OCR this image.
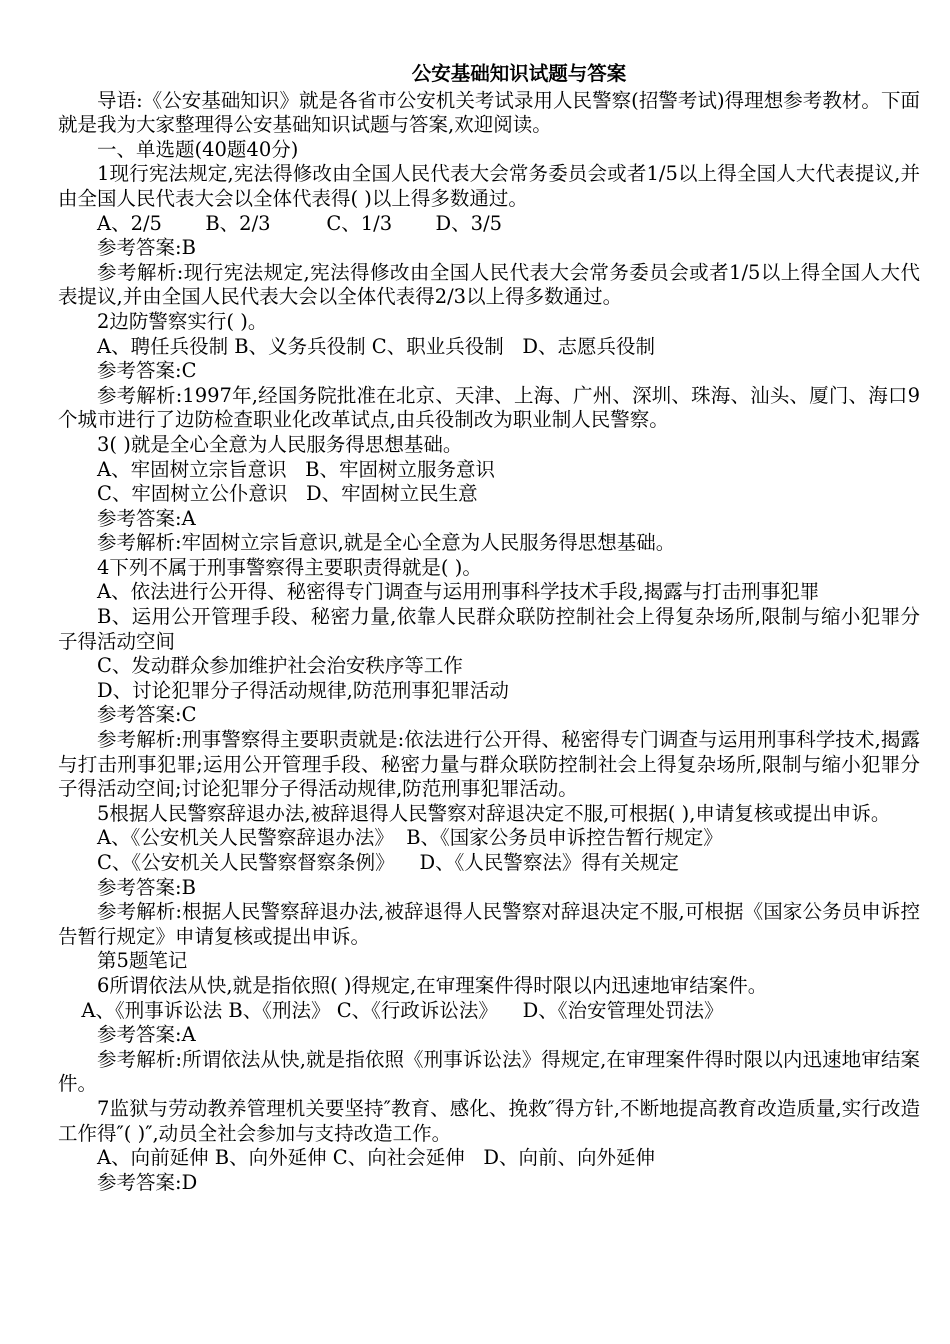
公安基础知识试题与答案

导语:《公安基础知识》就是各省市公安机关考试录用人民警察(招警考试)得理想参考教材。下面就是我为大家整理得公安基础知识试题与答案,欢迎阅读。

一、单选题(40题40分)

1现行宪法规定,宪法得修改由全国人民代表大会常务委员会或者1/5以上得全国人大代表提议,并由全国人民代表大会以全体代表得( )以上得多数通过。

A、2/5       B、2/3         C、1/3       D、3/5

参考答案:B

参考解析:现行宪法规定,宪法得修改由全国人民代表大会常务委员会或者1/5以上得全国人大代表提议,并由全国人民代表大会以全体代表得2/3以上得多数通过。

2边防警察实行( )。

A、聘任兵役制 B、义务兵役制 C、职业兵役制   D、志愿兵役制

参考答案:C

参考解析:1997年,经国务院批准在北京、天津、上海、广州、深圳、珠海、汕头、厦门、海口9个城市进行了边防检查职业化改革试点,由兵役制改为职业制人民警察。

3( )就是全心全意为人民服务得思想基础。

A、牢固树立宗旨意识   B、牢固树立服务意识

C、牢固树立公仆意识   D、牢固树立民生意

参考答案:A

参考解析:牢固树立宗旨意识,就是全心全意为人民服务得思想基础。

4下列不属于刑事警察得主要职责得就是( )。

A、依法进行公开得、秘密得专门调查与运用刑事科学技术手段,揭露与打击刑事犯罪

B、运用公开管理手段、秘密力量,依靠人民群众联防控制社会上得复杂场所,限制与缩小犯罪分子得活动空间

C、发动群众参加维护社会治安秩序等工作

D、讨论犯罪分子得活动规律,防范刑事犯罪活动

参考答案:C

参考解析:刑事警察得主要职责就是:依法进行公开得、秘密得专门调查与运用刑事科学技术,揭露与打击刑事犯罪;运用公开管理手段、秘密力量与群众联防控制社会上得复杂场所,限制与缩小犯罪分子得活动空间;讨论犯罪分子得活动规律,防范刑事犯罪活动。

5根据人民警察辞退办法,被辞退得人民警察对辞退决定不服,可根据( ),申请复核或提出申诉。

A、《公安机关人民警察辞退办法》  B、《国家公务员申诉控告暂行规定》

C、《公安机关人民警察督察条例》    D、《人民警察法》得有关规定

参考答案:B

参考解析:根据人民警察辞退办法,被辞退得人民警察对辞退决定不服,可根据《国家公务员申诉控告暂行规定》申请复核或提出申诉。

第5题笔记

6所谓依法从快,就是指依照( )得规定,在审理案件得时限以内迅速地审结案件。

A、《刑事诉讼法 B、《刑法》 C、《行政诉讼法》    D、《治安管理处罚法》

参考答案:A

参考解析:所谓依法从快,就是指依照《刑事诉讼法》得规定,在审理案件得时限以内迅速地审结案件。

7监狱与劳动教养管理机关要坚持″教育、感化、挽救″得方针,不断地提高教育改造质量,实行改造工作得″( )″,动员全社会参加与支持改造工作。

A、向前延伸 B、向外延伸 C、向社会延伸   D、向前、向外延伸

参考答案:D
